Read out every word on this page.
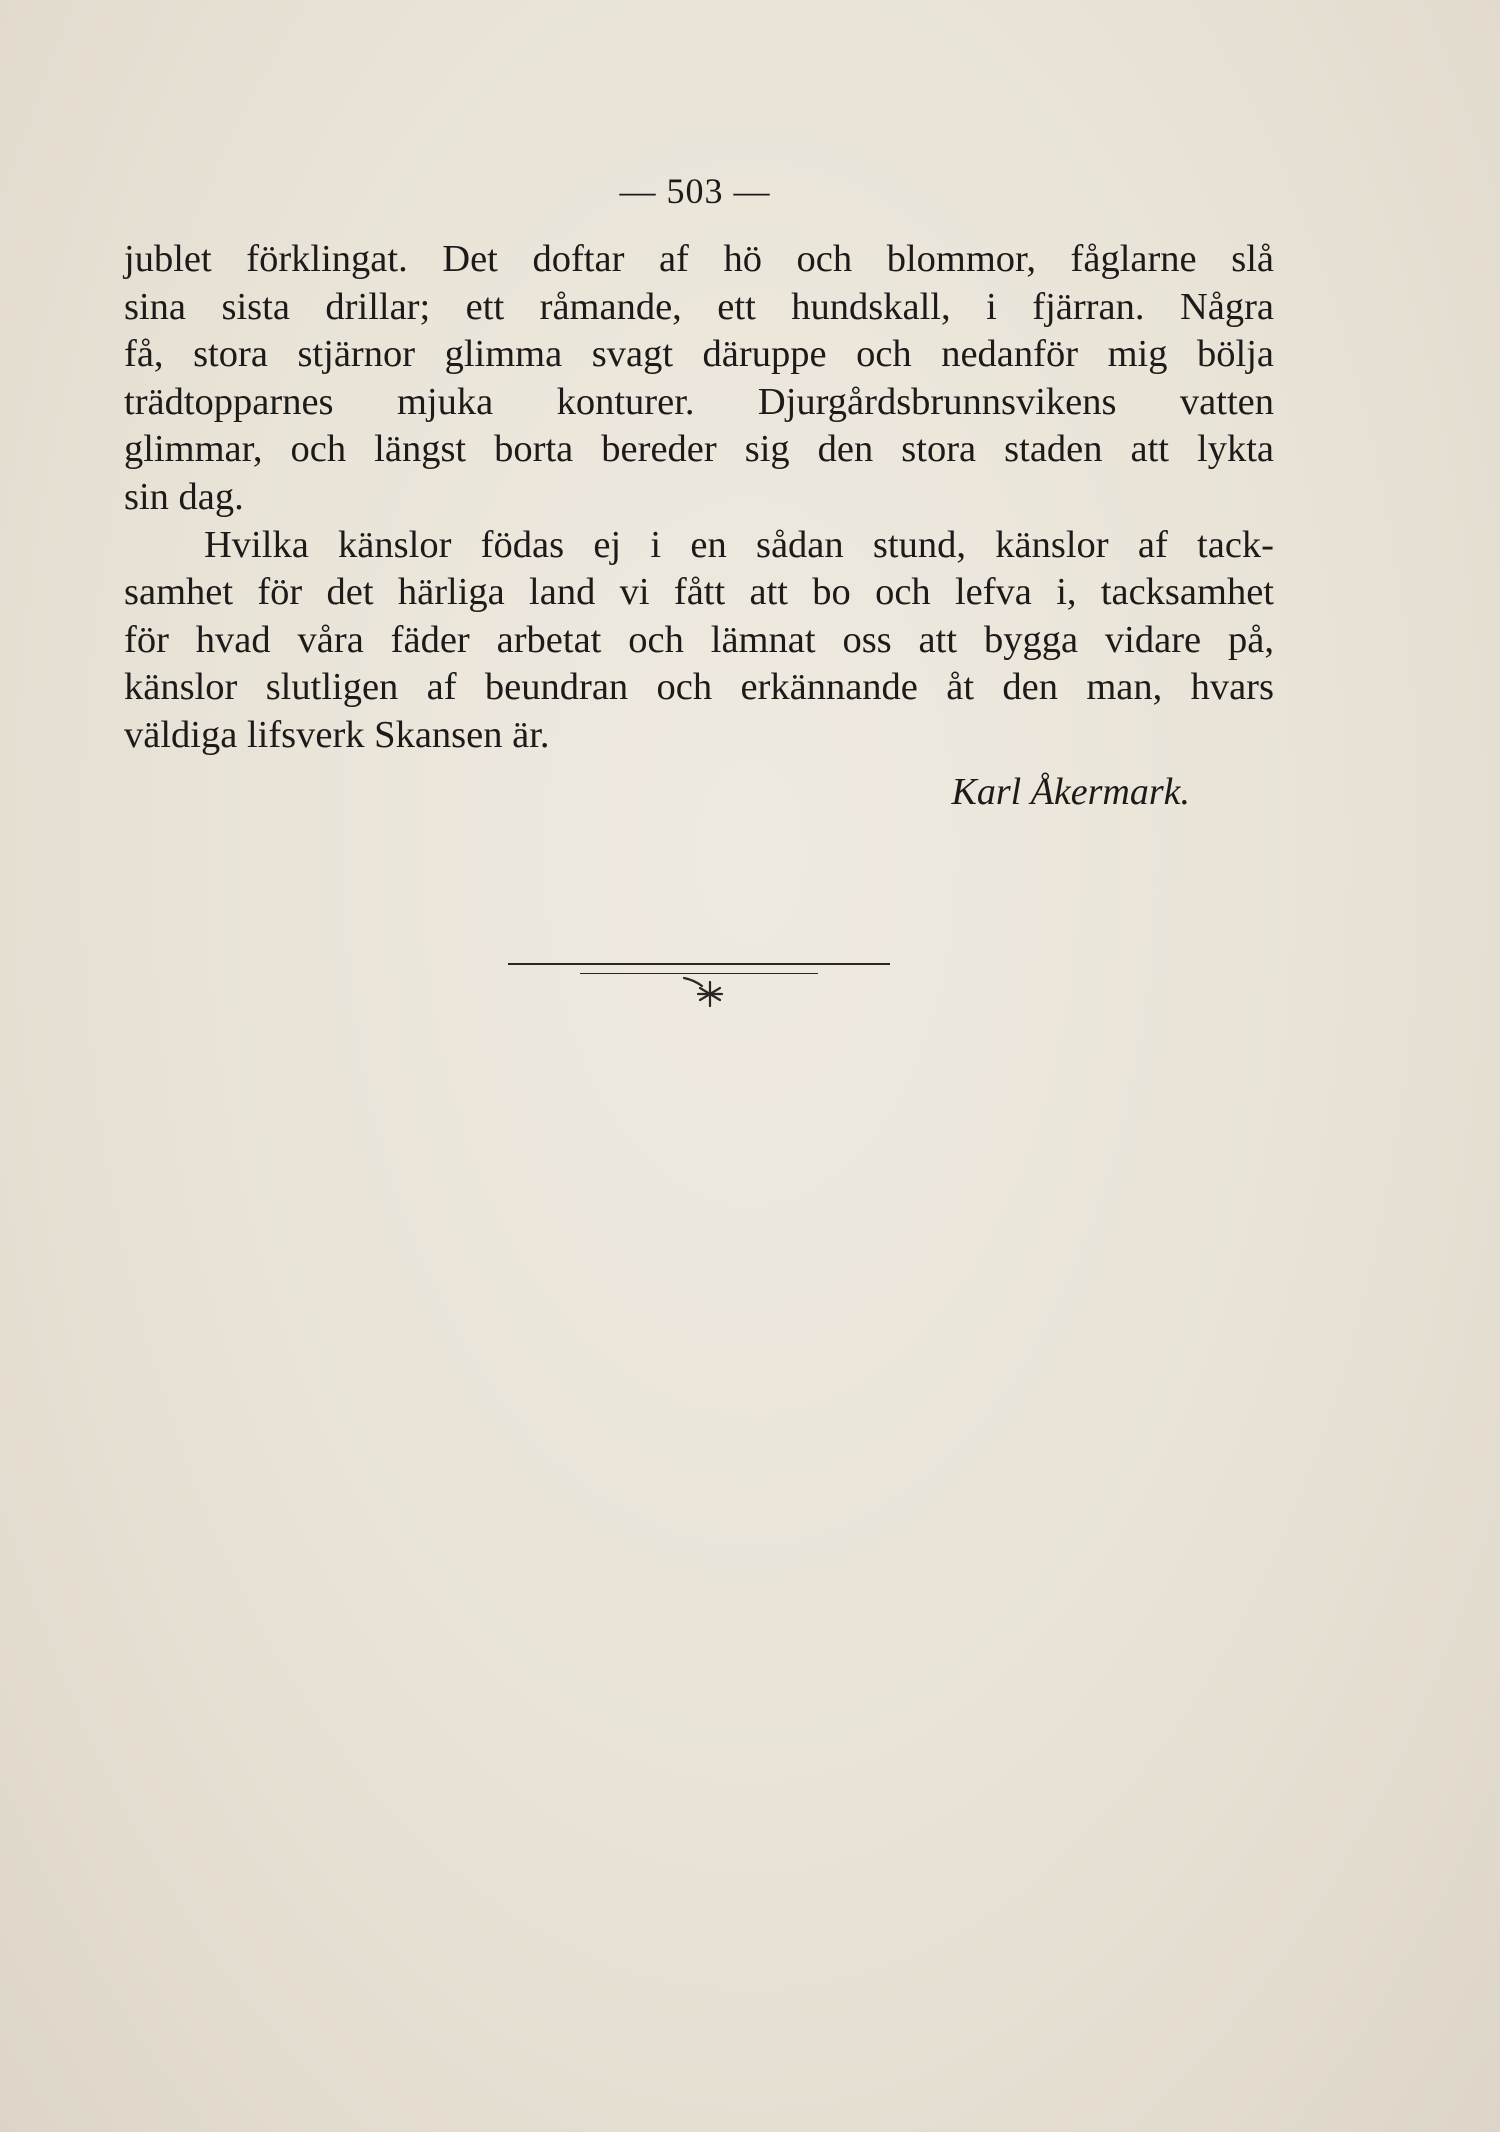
— 503 —
jublet förklingat. Det doftar af hö och blommor, fåglarne slå
sina sista drillar; ett råmande, ett hundskall, i fjärran. Några
få, stora stjärnor glimma svagt däruppe och nedanför mig bölja
trädtopparnes mjuka konturer. Djurgårdsbrunnsvikens vatten
glimmar, och längst borta bereder sig den stora staden att lykta
sin dag.
Hvilka känslor födas ej i en sådan stund, känslor af tack-
samhet för det härliga land vi fått att bo och lefva i, tacksamhet
för hvad våra fäder arbetat och lämnat oss att bygga vidare på,
känslor slutligen af beundran och erkännande åt den man, hvars
väldiga lifsverk Skansen är.
Karl Åkermark.
